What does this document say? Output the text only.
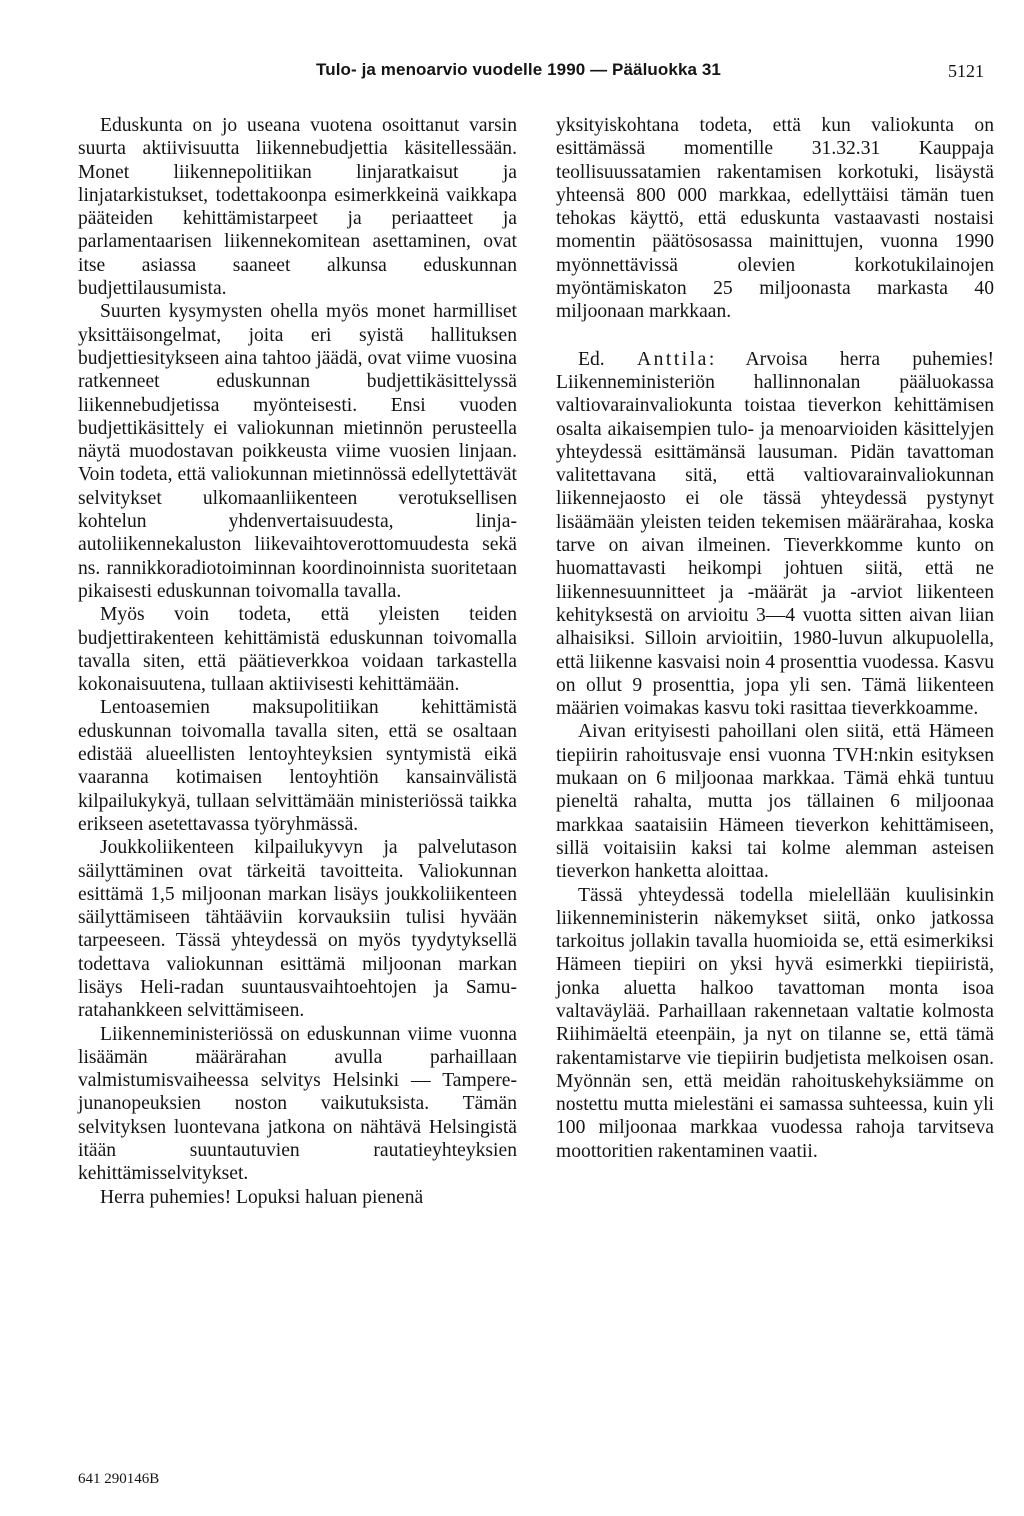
Tulo- ja menoarvio vuodelle 1990 — Pääluokka 31	5121

Eduskunta on jo useana vuotena osoittanut varsin suurta aktiivisuutta liikennebudjettia käsitellessään. Monet liikennepolitiikan linjaratkaisut ja linjatarkistukset, todettakoonpa esimerkkeinä vaikkapa pääteiden kehittämistarpeet ja periaatteet ja parlamentaarisen liikennekomitean asettaminen, ovat itse asiassa saaneet alkunsa eduskunnan budjettilausumista.

Suurten kysymysten ohella myös monet harmilliset yksittäisongelmat, joita eri syistä hallituksen budjettiesitykseen aina tahtoo jäädä, ovat viime vuosina ratkenneet eduskunnan budjettikäsittelyssä liikennebudjetissa myönteisesti. Ensi vuoden budjettikäsittely ei valiokunnan mietinnön perusteella näytä muodostavan poikkeusta viime vuosien linjaan. Voin todeta, että valiokunnan mietinnössä edellytettävät selvitykset ulkomaanliikenteen verotuksellisen kohtelun yhdenvertaisuudesta, linja-autoliikennekaluston liikevaihtoverottomuudesta sekä ns. rannikkoradiotoiminnan koordinoinnista suoritetaan pikaisesti eduskunnan toivomalla tavalla.

Myös voin todeta, että yleisten teiden budjettirakenteen kehittämistä eduskunnan toivomalla tavalla siten, että päätieverkkoa voidaan tarkastella kokonaisuutena, tullaan aktiivisesti kehittämään.

Lentoasemien maksupolitiikan kehittämistä eduskunnan toivomalla tavalla siten, että se osaltaan edistää alueellisten lentoyhteyksien syntymistä eikä vaaranna kotimaisen lentoyhtiön kansainvälistä kilpailukykyä, tullaan selvittämään ministeriössä taikka erikseen asetettavassa työryhmässä.

Joukkoliikenteen kilpailukyvyn ja palvelutason säilyttäminen ovat tärkeitä tavoitteita. Valiokunnan esittämä 1,5 miljoonan markan lisäys joukkoliikenteen säilyttämiseen tähtääviin korvauksiin tulisi hyvään tarpeeseen. Tässä yhteydessä on myös tyydytyksellä todettava valiokunnan esittämä miljoonan markan lisäys Heli-radan suuntausvaihtoehtojen ja Samu-ratahankkeen selvittämiseen.

Liikenneministeriössä on eduskunnan viime vuonna lisäämän määrärahan avulla parhaillaan valmistumisvaiheessa selvitys Helsinki — Tampere-junanopeuksien noston vaikutuksista. Tämän selvityksen luontevana jatkona on nähtävä Helsingistä itään suuntautuvien rautatieyhteyksien kehittämisselvitykset.

Herra puhemies! Lopuksi haluan pienenä

yksityiskohtana todeta, että kun valiokunta on esittämässä momentille 31.32.31 Kauppaja teollisuussatamien rakentamisen korkotuki, lisäystä yhteensä 800 000 markkaa, edellyttäisi tämän tuen tehokas käyttö, että eduskunta vastaavasti nostaisi momentin päätösosassa mainittujen, vuonna 1990 myönnettävissä olevien korkotukilainojen myöntämiskaton 25 miljoonasta markasta 40 miljoonaan markkaan.

Ed. Anttila: Arvoisa herra puhemies! Liikenneministeriön hallinnonalan pääluokassa valtiovarainvaliokunta toistaa tieverkon kehittämisen osalta aikaisempien tulo- ja menoarvioiden käsittelyjen yhteydessä esittämänsä lausuman. Pidän tavattoman valitettavana sitä, että valtiovarainvaliokunnan liikennejaosto ei ole tässä yhteydessä pystynyt lisäämään yleisten teiden tekemisen määrärahaa, koska tarve on aivan ilmeinen. Tieverkkomme kunto on huomattavasti heikompi johtuen siitä, että ne liikennesuunnitteet ja -määrät ja -arviot liikenteen kehityksestä on arvioitu 3—4 vuotta sitten aivan liian alhaisiksi. Silloin arvioitiin, 1980-luvun alkupuolella, että liikenne kasvaisi noin 4 prosenttia vuodessa. Kasvu on ollut 9 prosenttia, jopa yli sen. Tämä liikenteen määrien voimakas kasvu toki rasittaa tieverkkoamme.

Aivan erityisesti pahoillani olen siitä, että Hämeen tiepiirin rahoitusvaje ensi vuonna TVH:nkin esityksen mukaan on 6 miljoonaa markkaa. Tämä ehkä tuntuu pieneltä rahalta, mutta jos tällainen 6 miljoonaa markkaa saataisiin Hämeen tieverkon kehittämiseen, sillä voitaisiin kaksi tai kolme alemman asteisen tieverkon hanketta aloittaa.

Tässä yhteydessä todella mielellään kuulisinkin liikenneministerin näkemykset siitä, onko jatkossa tarkoitus jollakin tavalla huomioida se, että esimerkiksi Hämeen tiepiiri on yksi hyvä esimerkki tiepiiristä, jonka aluetta halkoo tavattoman monta isoa valtaväylää. Parhaillaan rakennetaan valtatie kolmosta Riihimäeltä eteenpäin, ja nyt on tilanne se, että tämä rakentamistarve vie tiepiirin budjetista melkoisen osan. Myönnän sen, että meidän rahoituskehyksiämme on nostettu mutta mielestäni ei samassa suhteessa, kuin yli 100 miljoonaa markkaa vuodessa rahoja tarvitseva moottoritien rakentaminen vaatii.

641 290146B
